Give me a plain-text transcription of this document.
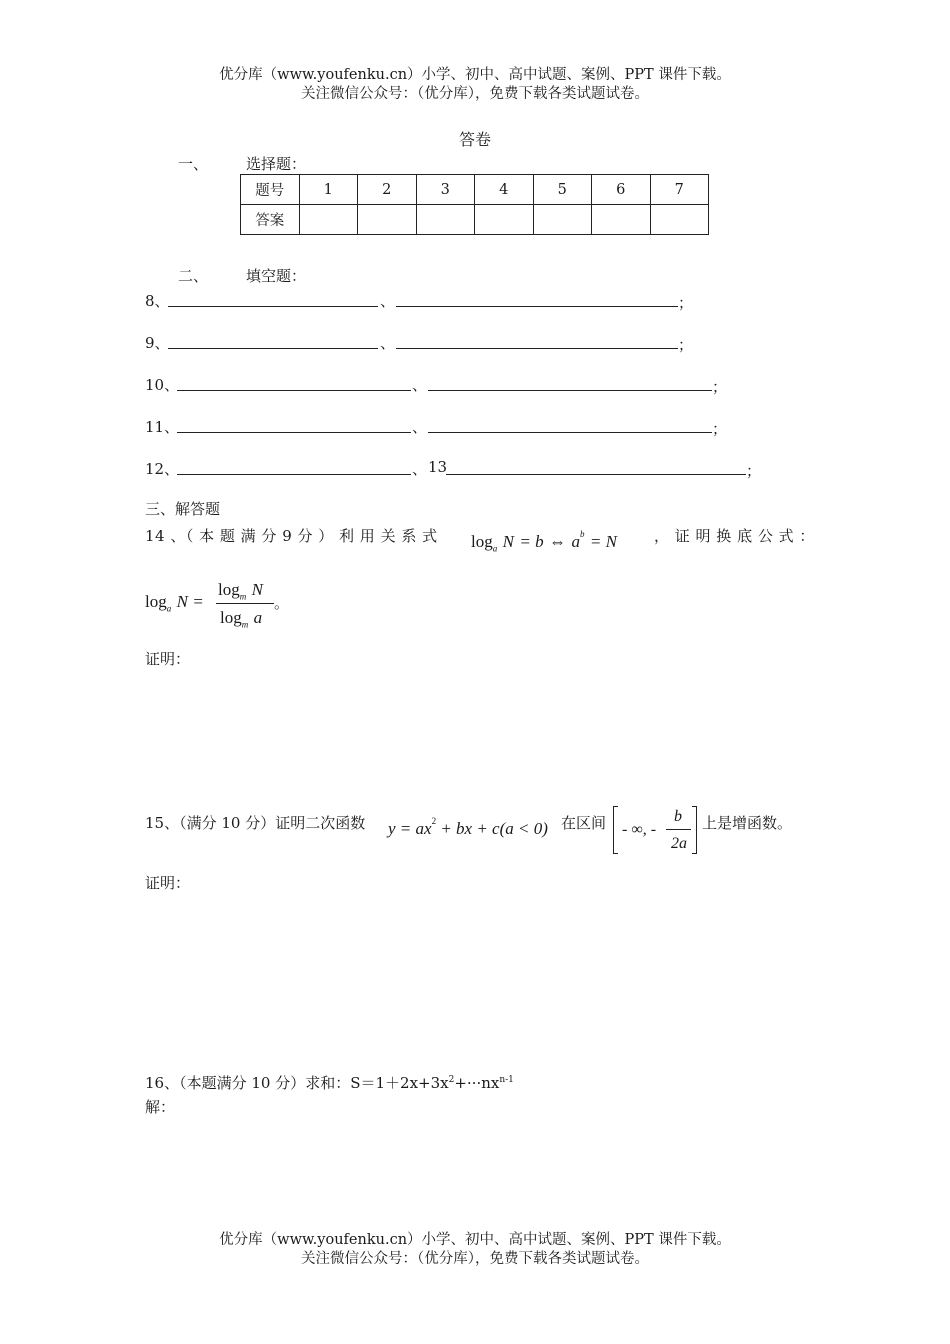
优分库（www.youfenku.cn）小学、初中、高中试题、案例、PPT 课件下载。
关注微信公众号：（优分库），免费下载各类试题试卷。
答卷
一、	选择题：
题号	1	2	3	4	5	6	7
答案							
二、	填空题：
8、	、	；
9、	、	；
10、	、	；
11、	、	；
12、	、 13	；
三、解答题
14 、（ 本 题 满 分 9 分 ） 利 用 关 系 式 $\log_a N = b$ ⇔ $a^b = N$ ， 证 明 换 底 公 式 ：
$\log_a N$ =
$\log_m N$
$\log_m a$
。
证明：
15、（满分 10 分）证明二次函数 $y = ax^2$ + bx + c(a < 0) 在区间 - ∞, -
b
2a
上是增函数。
证明：
16、（本题满分 10 分）求和：$S=1+2x+3x^2+\cdot\cdot\cdot nx^{n-1}$
解：
优分库（www.youfenku.cn）小学、初中、高中试题、案例、PPT 课件下载。
关注微信公众号：（优分库），免费下载各类试题试卷。
